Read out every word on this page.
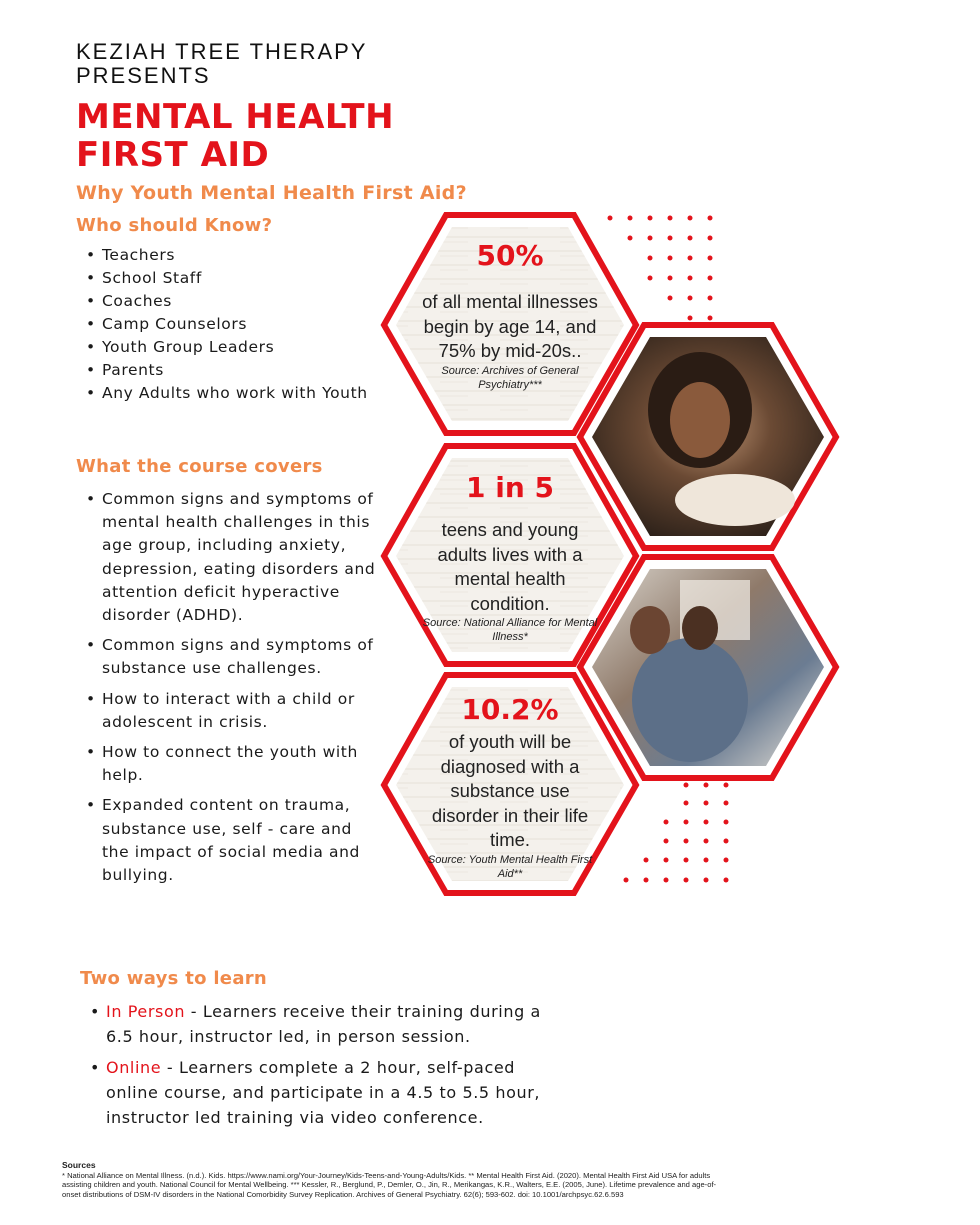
KEZIAH TREE THERAPY PRESENTS
MENTAL HEALTH FIRST AID
Why Youth Mental Health First Aid?
Who should Know?
• Teachers
• School Staff
• Coaches
• Camp Counselors
• Youth Group Leaders
• Parents
• Any Adults who work with Youth
What the course covers
• Common signs and symptoms of mental health challenges in this age group, including anxiety, depression, eating disorders and attention deficit hyperactive disorder (ADHD).
• Common signs and symptoms of substance use challenges.
• How to interact with a child or adolescent in crisis.
• How to connect the youth with help.
• Expanded content on trauma, substance use, self - care and the impact of social media and bullying.
Two ways to learn
• In Person - Learners receive their training during a 6.5 hour, instructor led, in person session.
• Online - Learners complete a 2 hour, self-paced online course, and participate in a 4.5 to 5.5 hour, instructor led training via video conference.
50%
of all mental illnesses begin by age 14, and 75% by mid-20s..
Source: Archives of General Psychiatry***
1 in 5
teens and young adults lives with a mental health condition.
Source: National Alliance for Mental Illness*
10.2%
of youth will be diagnosed with a substance use disorder in their life time.
Source: Youth Mental Health First Aid**
Sources
* National Alliance on Mental Illness. (n.d.). Kids. https://www.nami.org/Your-Journey/Kids-Teens-and-Young-Adults/Kids. ** Mental Health First Aid. (2020). Mental Health First Aid USA for adults assisting children and youth. National Council for Mental Wellbeing. *** Kessler, R., Berglund, P., Demler, O., Jin, R., Merikangas, K.R., Walters, E.E. (2005, June). Lifetime prevalence and age-of-onset distributions of DSM-IV disorders in the National Comorbidity Survey Replication. Archives of General Psychiatry. 62(6); 593-602. doi: 10.1001/archpsyc.62.6.593
